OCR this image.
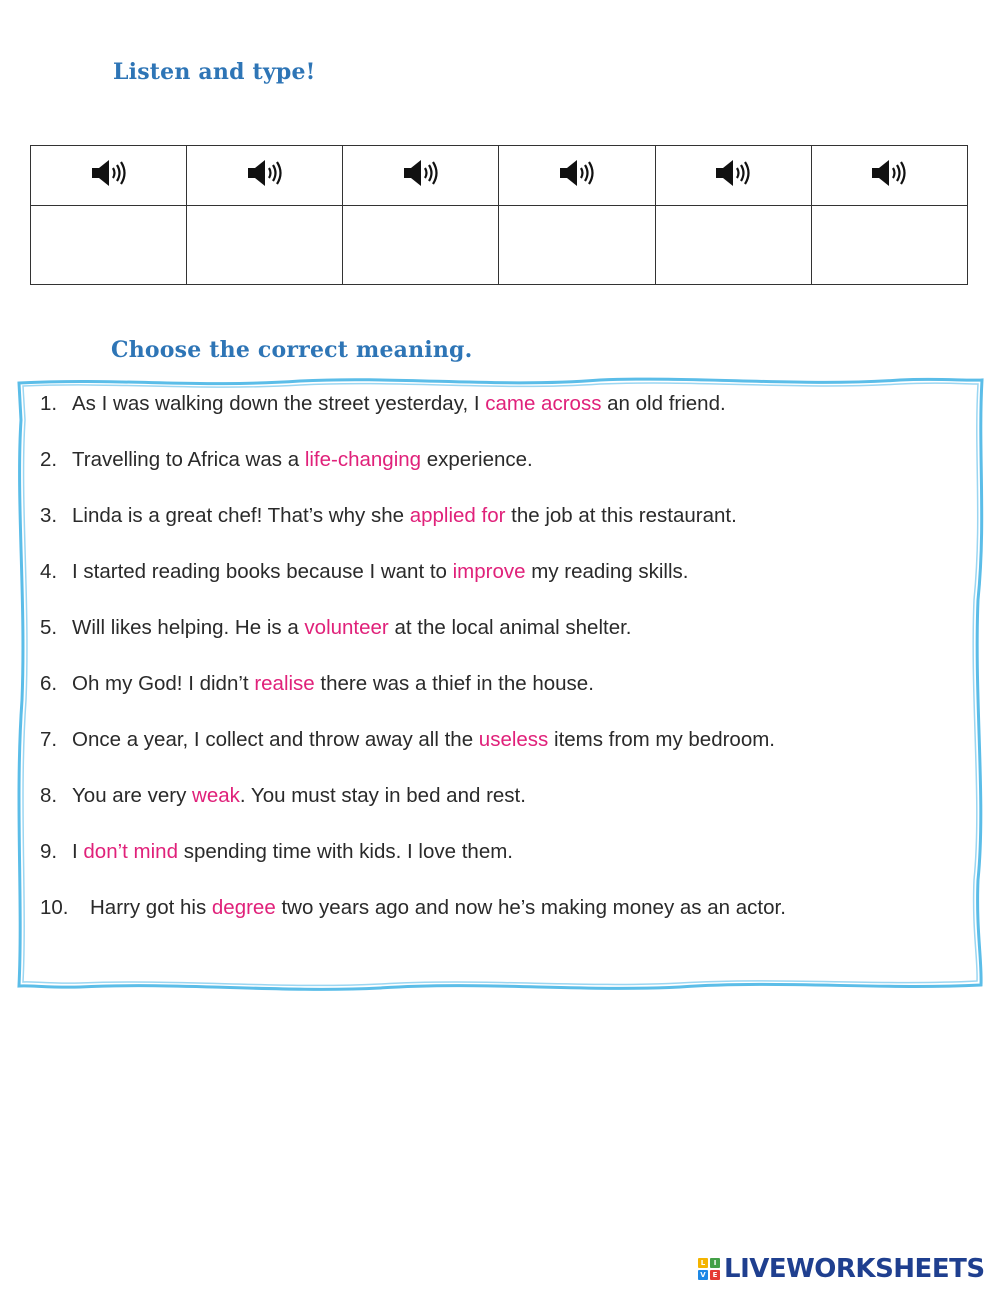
Listen and type!

Choose the correct meaning.
1. As I was walking down the street yesterday, I came across an old friend.
2. Travelling to Africa was a life-changing experience.
3. Linda is a great chef! That’s why she applied for the job at this restaurant.
4. I started reading books because I want to improve my reading skills.
5. Will likes helping. He is a volunteer at the local animal shelter.
6. Oh my God! I didn’t realise there was a thief in the house.
7. Once a year, I collect and throw away all the useless items from my bedroom.
8. You are very weak. You must stay in bed and rest.
9. I don’t mind spending time with kids. I love them.
10. Harry got his degree two years ago and now he’s making money as an actor.
L	I
V E LIVEWORKSHEETS
